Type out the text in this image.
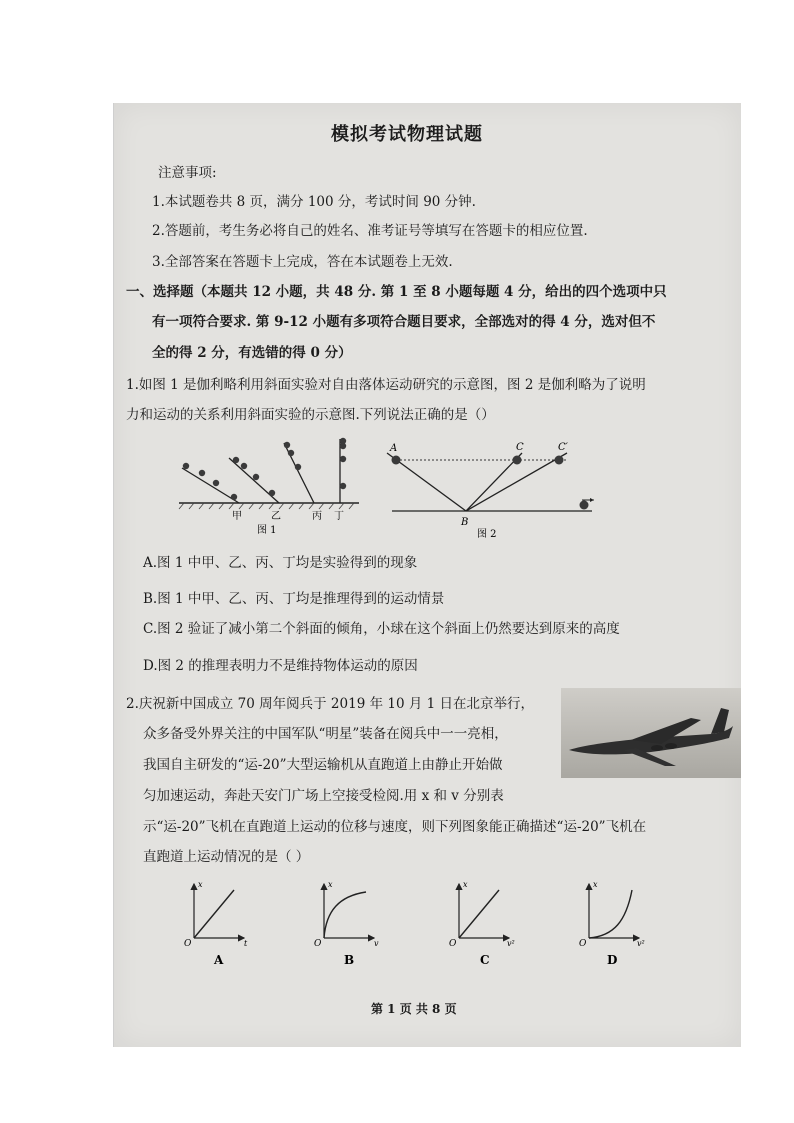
模拟考试物理试题
注意事项:
1.本试题卷共 8 页，满分 100 分，考试时间 90 分钟.
2.答题前，考生务必将自己的姓名、准考证号等填写在答题卡的相应位置.
3.全部答案在答题卡上完成，答在本试题卷上无效.
一、选择题（本题共 12 小题，共 48 分. 第 1 至 8 小题每题 4 分，给出的四个选项中只
有一项符合要求. 第 9-12 小题有多项符合题目要求，全部选对的得 4 分，选对但不
全的得 2 分，有选错的得 0 分）
1.如图 1 是伽利略利用斜面实验对自由落体运动研究的示意图，图 2 是伽利略为了说明
力和运动的关系利用斜面实验的示意图.下列说法正确的是（）
甲	乙	丙 丁
图 1
A	C	C′
B
图 2
A.图 1 中甲、乙、丙、丁均是实验得到的现象
B.图 1 中甲、乙、丙、丁均是推理得到的运动情景
C.图 2 验证了减小第二个斜面的倾角，小球在这个斜面上仍然要达到原来的高度
D.图 2 的推理表明力不是维持物体运动的原因
2.庆祝新中国成立 70 周年阅兵于 2019 年 10 月 1 日在北京举行，
众多备受外界关注的中国军队“明星”装备在阅兵中一一亮相，
我国自主研发的“运-20”大型运输机从直跑道上由静止开始做
匀加速运动，奔赴天安门广场上空接受检阅.用 x 和 v 分别表
示“运-20”飞机在直跑道上运动的位移与速度，则下列图象能正确描述“运-20”飞机在
直跑道上运动情况的是（ ）
x
t
O
A
x
v
O
B
x
v²
O
C
x
v²
O
D
第 1 页 共 8 页
